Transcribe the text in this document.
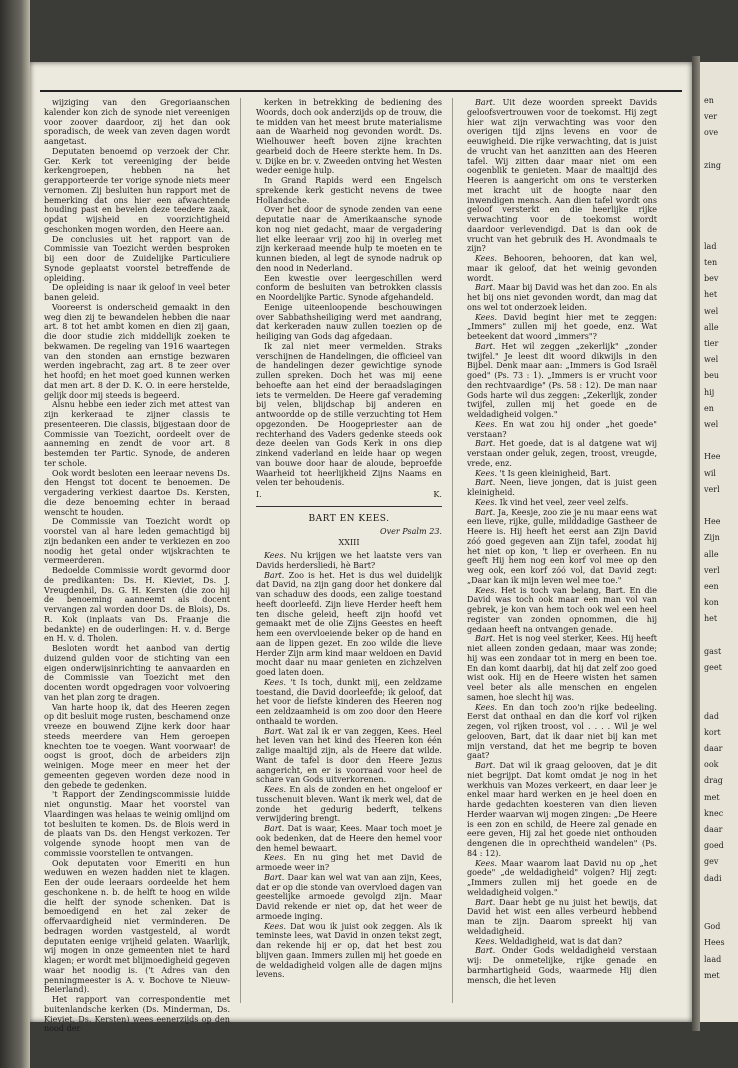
wijziging van den Gregoriaanschen kalender kon zich de synode niet vereenigen voor zoover daardoor, zij het dan ook sporadisch, de week van zeven dagen wordt aangetast.

Deputaten benoemd op verzoek der Chr. Ger. Kerk tot vereeniging der beide kerkengroepen, hebben na het gerapporteerde ter vorige synode niets meer vernomen. Zij besluiten hun rapport met de bemerking dat ons hier een afwachtende houding past en bevelen deze teedere zaak, opdat wijsheid en voorzichtigheid geschonken mogen worden, den Heere aan.

De conclusies uit het rapport van de Commissie van Toezicht werden besproken bij een door de Zuidelijke Particuliere Synode geplaatst voorstel betreffende de opleiding.

De opleiding is naar ik geloof in veel beter banen geleid.

Vooreerst is onderscheid gemaakt in den weg dien zij te bewandelen hebben die naar art. 8 tot het ambt komen en dien zij gaan, die door studie zich middellijk zoeken te bekwamen. De regeling van 1916 waartegen van den stonden aan ernstige bezwaren werden ingebracht, zag art. 8 te zeer over het hoofd; en het moet goed kunnen werken dat men art. 8 der D. K. O. in eere herstelde, gelijk door mij steeds is begeerd.

Alsnu hebbe een ieder zich met attest van zijn kerkeraad te zijner classis te presenteeren. Die classis, bijgestaan door de Commissie van Toezicht, oordeelt over de aanneming en zendt de voor art. 8 bestemden ter Partic. Synode, de anderen ter schole.

Ook wordt besloten een leeraar nevens Ds. den Hengst tot docent te benoemen. De vergadering verkiest daartoe Ds. Kersten, die deze benoeming echter in beraad wenscht te houden.

De Commissie van Toezicht wordt op voorstel van al hare leden gemachtigd bij zijn bedanken een ander te verkiezen en zoo noodig het getal onder wijskrachten te vermeerderen.

Bedoelde Commissie wordt gevormd door de predikanten: Ds. H. Kieviet, Ds. J. Vreugdenhil, Ds. G. H. Kersten (die zoo hij de benoeming aanneemt als docent vervangen zal worden door Ds. de Blois), Ds. R. Kok (inplaats van Ds. Fraanje die bedankte) en de ouderlingen: H. v. d. Berge en H. v. d. Tholen.

Besloten wordt het aanbod van dertig duizend gulden voor de stichting van een eigen onderwijsinrichting te aanvaarden en de Commissie van Toezicht met den docenten wordt opgedragen voor volvoering van het plan zorg te dragen.

Van harte hoop ik, dat des Heeren zegen op dit besluit moge rusten, beschamend onze vreeze en bouwend Zijne kerk door haar steeds meerdere van Hem geroepen knechten toe te voegen. Want voorwaar! de oogst is groot, doch de arbeiders zijn weinigen. Moge meer en meer het der gemeenten gegeven worden deze nood in den gebede te gedenken.

't Rapport der Zendingscommissie luidde niet ongunstig. Maar het voorstel van Vlaardingen was helaas te weinig omlijnd om tot besluiten te komen. Ds. de Blois werd in de plaats van Ds. den Hengst verkozen. Ter volgende synode hoopt men van de commissie voorstellen te ontvangen.

Ook deputaten voor Emeriti en hun weduwen en wezen hadden niet te klagen. Een der oude leeraars oordeelde het hem geschonkene n. b. de helft te hoog en wilde die helft der synode schenken. Dat is bemoedigend en het zal zeker de offervaardigheid niet verminderen. De bedragen worden vastgesteld, al wordt deputaten eenige vrijheid gelaten. Waarlijk, wij mogen in onze gemeenten niet te hard klagen; er wordt met blijmoedigheid gegeven waar het noodig is. ('t Adres van den penningmeester is A. v. Bochove te Nieuw-Beierland).

Het rapport van correspondentie met buitenlandsche kerken (Ds. Minderman, Ds. Kieviet, Ds. Kersten) wees eenerzijds op den nood der

kerken in betrekking de bediening des Woords, doch ook anderzijds op de trouw, die te midden van het meest brute materialisme aan de Waarheid nog gevonden wordt. Ds. Wielhouwer heeft boven zijne krachten gearbeid doch de Heere sterkte hem. In Ds. v. Dijke en br. v. Zweeden ontving het Westen weder eenige hulp.

In Grand Rapids werd een Engelsch sprekende kerk gesticht nevens de twee Hollandsche.

Over het door de synode zenden van eene deputatie naar de Amerikaansche synode kon nog niet gedacht, maar de vergadering liet elke leeraar vrij zoo hij in overleg met zijn kerkeraad meende hulp te moeten en te kunnen bieden, al legt de synode nadruk op den nood in Nederland.

Een kwestie over leergeschillen werd conform de besluiten van betrokken classis en Noordelijke Partic. Synode afgehandeld.

Eenige uiteenloopende beschouwingen over Sabbathsheiliging werd met aandrang, dat kerkeraden nauw zullen toezien op de heiliging van Gods dag afgedaan.

Ik zal niet meer vermelden. Straks verschijnen de Handelingen, die officieel van de handelingen dezer gewichtige synode zullen spreken. Doch het was mij eene behoefte aan het eind der beraadslagingen iets te vermelden. De Heere gaf verademing bij velen, blijdschap bij anderen en antwoordde op de stille verzuchting tot Hem opgezonden. De Hoogepriester aan de rechterhand des Vaders gedenke steeds ook deze deelen van Gods Kerk in ons diep zinkend vaderland en leide haar op wegen van bouwe door haar de aloude, beproefde Waarheid tot heerlijkheid Zijns Naams en velen ter behoudenis.

I.	K.
BART EN KEES.
Over Psalm 23.
XXIII

Kees. Nu krijgen we het laatste vers van Davids herdersliedi, hè Bart?

Bart. Zoo is het. Het is dus wel duidelijk dat David, na zijn gang door het donkere dal van schaduw des doods, een zalige toestand heeft doorleefd. Zijn lieve Herder heeft hem ten dische geleid, heeft zijn hoofd vet gemaakt met de olie Zijns Geestes en heeft hem een overvloeiende beker op de hand en aan de lippen gezet. En zoo wilde die lieve Herder Zijn arm kind maar weldoen en David mocht daar nu maar genieten en zichzelven goed laten doen.

Kees. 't Is toch, dunkt mij, een zeldzame toestand, die David doorleefde; ik geloof, dat het voor de liefste kinderen des Heeren nog een zeldzaamheid is om zoo door den Heere onthaald te worden.

Bart. Wat zal ik er van zeggen, Kees. Heel het leven van het kind des Heeren kon één zalige maaltijd zijn, als de Heere dat wilde. Want de tafel is door den Heere Jezus aangericht, en er is voorraad voor heel de schare van Gods uitverkorenen.

Kees. En als de zonden en het ongeloof er tusschenuit bleven. Want ik merk wel, dat de zonde het gedurig bederft, telkens verwijdering brengt.

Bart. Dat is waar, Kees. Maar toch moet je ook bedenken, dat de Heere den hemel voor den hemel bewaart.

Kees. En nu ging het met David de armoede weer in?

Bart. Daar kan wel wat van aan zijn, Kees, dat er op die stonde van overvloed dagen van geestelijke armoede gevolgd zijn. Maar David rekende er niet op, dat het weer de armoede inging.

Kees. Dat wou ik juist ook zeggen. Als ik teminste lees, wat David in onzen tekst zegt, dan rekende hij er op, dat het best zou blijven gaan. Immers zullen mij het goede en de weldadigheid volgen alle de dagen mijns levens.

Bart. Uit deze woorden spreekt Davids geloofsvertrouwen voor de toekomst. Hij zegt hier wat zijn verwachting was voor den overigen tijd zijns levens en voor de eeuwigheid. Die rijke verwachting, dat is juist de vrucht van het aanzitten aan des Heeren tafel. Wij zitten daar maar niet om een oogenblik te genieten. Maar de maaltijd des Heeren is aangericht om ons te versterken met kracht uit de hoogte naar den inwendigen mensch. Aan dien tafel wordt ons geloof versterkt en die heerlijke rijke verwachting voor de toekomst wordt daardoor verlevendigd. Dat is dan ook de vrucht van het gebruik des H. Avondmaals te zijn?

Kees. Behooren, behooren, dat kan wel, maar ik geloof, dat het weinig gevonden wordt.

Bart. Maar bij David was het dan zoo. En als het bij ons niet gevonden wordt, dan mag dat ons wel tot onderzoek leiden.

Kees. David begint hier met te zeggen: „Immers" zullen mij het goede, enz. Wat beteekent dat woord „immers"?

Bart. Het wil zeggen „zekerlijk" „zonder twijfel." Je leest dit woord dikwijls in den Bijbel. Denk maar aan: „Immers is God Israël goed" (Ps. 73 : 1). „Immers is er vrucht voor den rechtvaardige" (Ps. 58 : 12). De man naar Gods harte wil dus zeggen: „Zekerlijk, zonder twijfel, zullen mij het goede en de weldadigheid volgen."

Kees. En wat zou hij onder „het goede" verstaan?

Bart. Het goede, dat is al datgene wat wij verstaan onder geluk, zegen, troost, vreugde, vrede, enz.

Kees. 't Is geen kleinigheid, Bart.

Bart. Neen, lieve jongen, dat is juist geen kleinigheid.

Kees. Ik vind het veel, zeer veel zelfs.

Bart. Ja, Keesje, zoo zie je nu maar eens wat een lieve, rijke, gulle, milddadige Gastheer de Heere is. Hij heeft het eerst aan Zijn David zóó goed gegeven aan Zijn tafel, zoodat hij het niet op kon, 't liep er overheen. En nu geeft Hij hem nog een korf vol mee op den weg ook, een korf zóó vol, dat David zegt: „Daar kan ik mijn leven wel mee toe."

Kees. Het is toch van belang, Bart. En die David was toch ook maar een man vol van gebrek, je kon van hem toch ook wel een heel register van zonden opnommen, die hij gedaan heeft na ontvangen genade.

Bart. Het is nog veel sterker, Kees. Hij heeft niet alleen zonden gedaan, maar was zonde; hij was een zondaar tot in merg en been toe. En dan komt daarbij, dat hij dat zelf zoo goed wist ook. Hij en de Heere wisten het samen veel beter als alle menschen en engelen samen, hoe slecht hij was.

Kees. En dan toch zoo'n rijke bedeeling. Eerst dat onthaal en dan die korf vol rijken zegen, vol rijken troost, vol . . . . Wil je wel gelooven, Bart, dat ik daar niet bij kan met mijn verstand, dat het me begrip te boven gaat?

Bart. Dat wil ik graag gelooven, dat je dit niet begrijpt. Dat komt omdat je nog in het werkhuis van Mozes verkeert, en daar leer je enkel maar hard werken en je heel doen en harde gedachten koesteren van dien lieven Herder waarvan wij mogen zingen: „De Heere is een zon en schild, de Heere zal genade en eere geven, Hij zal het goede niet onthouden dengenen die in oprechtheid wandelen" (Ps. 84 : 12).

Kees. Maar waarom laat David nu op „het goede" „de weldadigheid" volgen? Hij zegt: „Immers zullen mij het goede en de weldadigheid volgen."

Bart. Daar hebt ge nu juist het bewijs, dat David het wist een alles verbeurd hebbend man te zijn. Daarom spreekt hij van weldadigheid.

Kees. Weldadigheid, wat is dat dan?

Bart. Onder Gods weldadigheid verstaan wij: De onmetelijke, rijke genade en barmhartigheid Gods, waarmede Hij dien mensch, die het leven

en
ver
ove
zing
lad
ten
bev
het
wel
alle
tier
wel
beu
hij
en
wel
Hee
wil
verl
Hee
Zijn
alle
verl
een
kon
het
gast
geet
dad
kort
daar
ook
drag
met
knec
daar
goed
gev
dadi
God
Hees
laad
met
